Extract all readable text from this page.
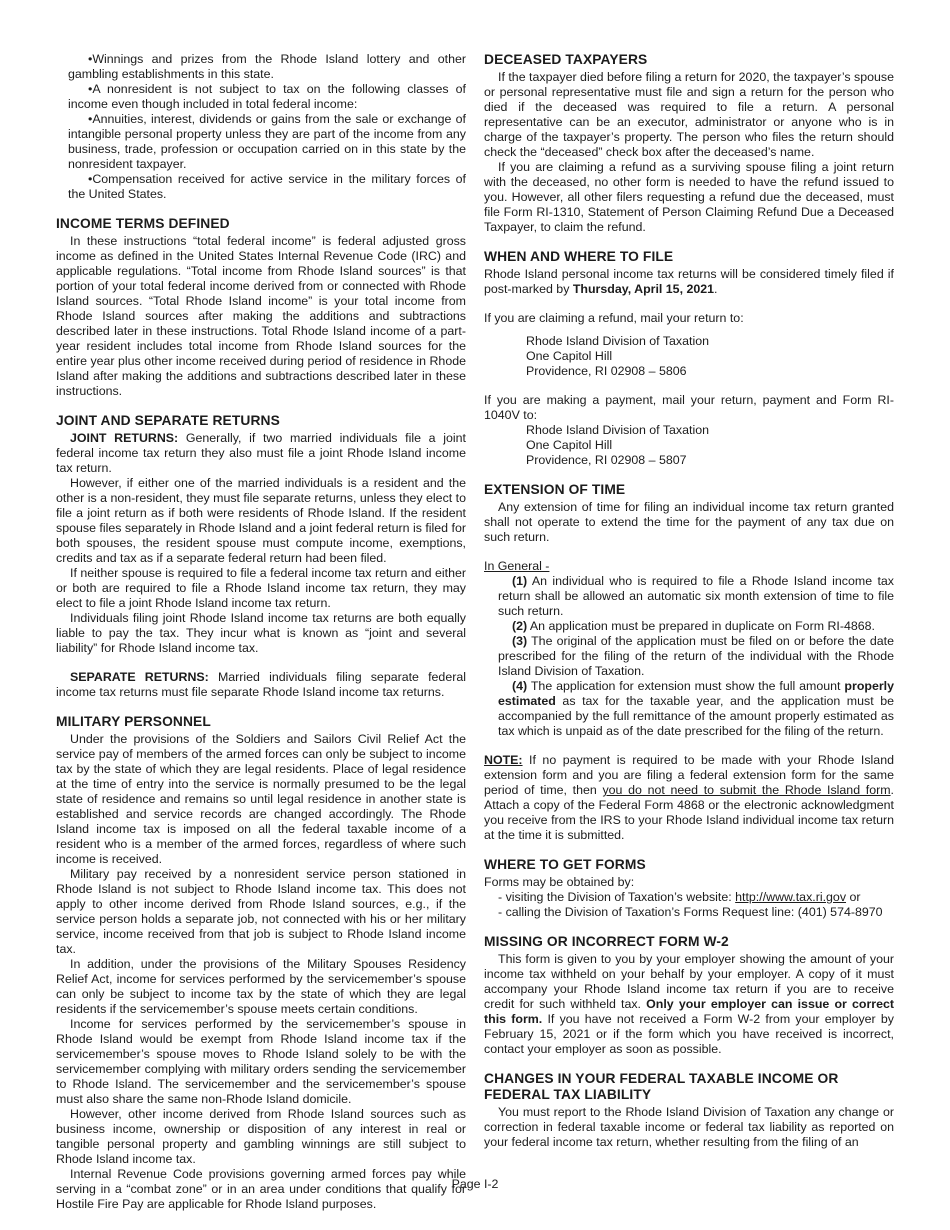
•Winnings and prizes from the Rhode Island lottery and other gambling establishments in this state.

•A nonresident is not subject to tax on the following classes of income even though included in total federal income:

•Annuities, interest, dividends or gains from the sale or exchange of intangible personal property unless they are part of the income from any business, trade, profession or occupation carried on in this state by the nonresident taxpayer.

•Compensation received for active service in the military forces of the United States.

INCOME TERMS DEFINED

In these instructions “total federal income” is federal adjusted gross income as defined in the United States Internal Revenue Code (IRC) and applicable regulations. “Total income from Rhode Island sources” is that portion of your total federal income derived from or connected with Rhode Island sources. “Total Rhode Island income” is your total income from Rhode Island sources after making the additions and subtractions described later in these instructions. Total Rhode Island income of a part-year resident includes total income from Rhode Island sources for the entire year plus other income received during period of residence in Rhode Island after making the additions and subtractions described later in these instructions.

JOINT AND SEPARATE RETURNS

JOINT RETURNS: Generally, if two married individuals file a joint federal income tax return they also must file a joint Rhode Island income tax return.

However, if either one of the married individuals is a resident and the other is a non-resident, they must file separate returns, unless they elect to file a joint return as if both were residents of Rhode Island. If the resident spouse files separately in Rhode Island and a joint federal return is filed for both spouses, the resident spouse must compute income, exemptions, credits and tax as if a separate federal return had been filed.

If neither spouse is required to file a federal income tax return and either or both are required to file a Rhode Island income tax return, they may elect to file a joint Rhode Island income tax return.

Individuals filing joint Rhode Island income tax returns are both equally liable to pay the tax. They incur what is known as “joint and several liability” for Rhode Island income tax.

SEPARATE RETURNS: Married individuals filing separate federal income tax returns must file separate Rhode Island income tax returns.

MILITARY PERSONNEL

Under the provisions of the Soldiers and Sailors Civil Relief Act the service pay of members of the armed forces can only be subject to income tax by the state of which they are legal residents. Place of legal residence at the time of entry into the service is normally presumed to be the legal state of residence and remains so until legal residence in another state is established and service records are changed accordingly. The Rhode Island income tax is imposed on all the federal taxable income of a resident who is a member of the armed forces, regardless of where such income is received.

Military pay received by a nonresident service person stationed in Rhode Island is not subject to Rhode Island income tax. This does not apply to other income derived from Rhode Island sources, e.g., if the service person holds a separate job, not connected with his or her military service, income received from that job is subject to Rhode Island income tax.

In addition, under the provisions of the Military Spouses Residency Relief Act, income for services performed by the servicemember’s spouse can only be subject to income tax by the state of which they are legal residents if the servicemember’s spouse meets certain conditions.

Income for services performed by the servicemember’s spouse in Rhode Island would be exempt from Rhode Island income tax if the servicemember’s spouse moves to Rhode Island solely to be with the servicemember complying with military orders sending the servicemember to Rhode Island. The servicemember and the servicemember’s spouse must also share the same non-Rhode Island domicile.

However, other income derived from Rhode Island sources such as business income, ownership or disposition of any interest in real or tangible personal property and gambling winnings are still subject to Rhode Island income tax.

Internal Revenue Code provisions governing armed forces pay while serving in a “combat zone” or in an area under conditions that qualify for Hostile Fire Pay are applicable for Rhode Island purposes.

DECEASED TAXPAYERS

If the taxpayer died before filing a return for 2020, the taxpayer’s spouse or personal representative must file and sign a return for the person who died if the deceased was required to file a return. A personal representative can be an executor, administrator or anyone who is in charge of the taxpayer’s property. The person who files the return should check the “deceased” check box after the deceased’s name.

If you are claiming a refund as a surviving spouse filing a joint return with the deceased, no other form is needed to have the refund issued to you. However, all other filers requesting a refund due the deceased, must file Form RI-1310, Statement of Person Claiming Refund Due a Deceased Taxpayer, to claim the refund.

WHEN AND WHERE TO FILE

Rhode Island personal income tax returns will be considered timely filed if post-marked by Thursday, April 15, 2021.

If you are claiming a refund, mail your return to:

Rhode Island Division of Taxation

One Capitol Hill

Providence, RI 02908 – 5806

If you are making a payment, mail your return, payment and Form RI-1040V to:

Rhode Island Division of Taxation

One Capitol Hill

Providence, RI 02908 – 5807

EXTENSION OF TIME

Any extension of time for filing an individual income tax return granted shall not operate to extend the time for the payment of any tax due on such return.

In General -

(1) An individual who is required to file a Rhode Island income tax return shall be allowed an automatic six month extension of time to file such return.

(2) An application must be prepared in duplicate on Form RI-4868.

(3) The original of the application must be filed on or before the date prescribed for the filing of the return of the individual with the Rhode Island Division of Taxation.

(4) The application for extension must show the full amount properly estimated as tax for the taxable year, and the application must be accompanied by the full remittance of the amount properly estimated as tax which is unpaid as of the date prescribed for the filing of the return.

NOTE: If no payment is required to be made with your Rhode Island extension form and you are filing a federal extension form for the same period of time, then you do not need to submit the Rhode Island form. Attach a copy of the Federal Form 4868 or the electronic acknowledgment you receive from the IRS to your Rhode Island individual income tax return at the time it is submitted.

WHERE TO GET FORMS

Forms may be obtained by:

- visiting the Division of Taxation’s website: http://www.tax.ri.gov or

- calling the Division of Taxation’s Forms Request line: (401) 574-8970

MISSING OR INCORRECT FORM W-2

This form is given to you by your employer showing the amount of your income tax withheld on your behalf by your employer. A copy of it must accompany your Rhode Island income tax return if you are to receive credit for such withheld tax. Only your employer can issue or correct this form. If you have not received a Form W-2 from your employer by February 15, 2021 or if the form which you have received is incorrect, contact your employer as soon as possible.

CHANGES IN YOUR FEDERAL TAXABLE INCOME OR
FEDERAL TAX LIABILITY

You must report to the Rhode Island Division of Taxation any change or correction in federal taxable income or federal tax liability as reported on your federal income tax return, whether resulting from the filing of an

Page I-2
